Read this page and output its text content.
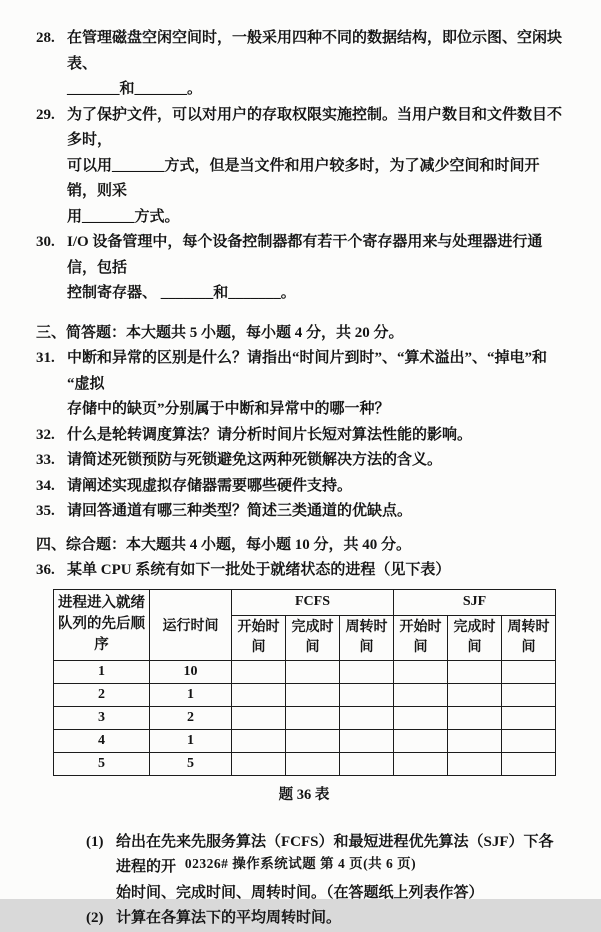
28. 在管理磁盘空闲空间时，一般采用四种不同的数据结构，即位示图、空闲块表、
_______和_______。
29. 为了保护文件，可以对用户的存取权限实施控制。当用户数目和文件数目不多时，
可以用_______方式，但是当文件和用户较多时，为了减少空间和时间开销，则采
用_______方式。
30. I/O 设备管理中，每个设备控制器都有若干个寄存器用来与处理器进行通信，包括
控制寄存器、 _______和_______。
三、简答题：本大题共 5 小题，每小题 4 分，共 20 分。
31. 中断和异常的区别是什么？请指出“时间片到时”、“算术溢出”、“掉电”和“虚拟
存储中的缺页”分别属于中断和异常中的哪一种？
32. 什么是轮转调度算法？请分析时间片长短对算法性能的影响。
33. 请简述死锁预防与死锁避免这两种死锁解决方法的含义。
34. 请阐述实现虚拟存储器需要哪些硬件支持。
35. 请回答通道有哪三种类型？简述三类通道的优缺点。
四、综合题：本大题共 4 小题，每小题 10 分，共 40 分。
36. 某单 CPU 系统有如下一批处于就绪状态的进程（见下表）
进程进入就绪队列的先后顺序	运行时间	FCFS			SJF		
		开始时间	完成时间	周转时间	开始时间	完成时间	周转时间
1	10						
2	1						
3	2						
4	1						
5	5						
题 36 表
(1) 给出在先来先服务算法（FCFS）和最短进程优先算法（SJF）下各进程的开
始时间、完成时间、周转时间。（在答题纸上列表作答）
(2) 计算在各算法下的平均周转时间。
02326# 操作系统试题 第 4 页(共 6 页)
